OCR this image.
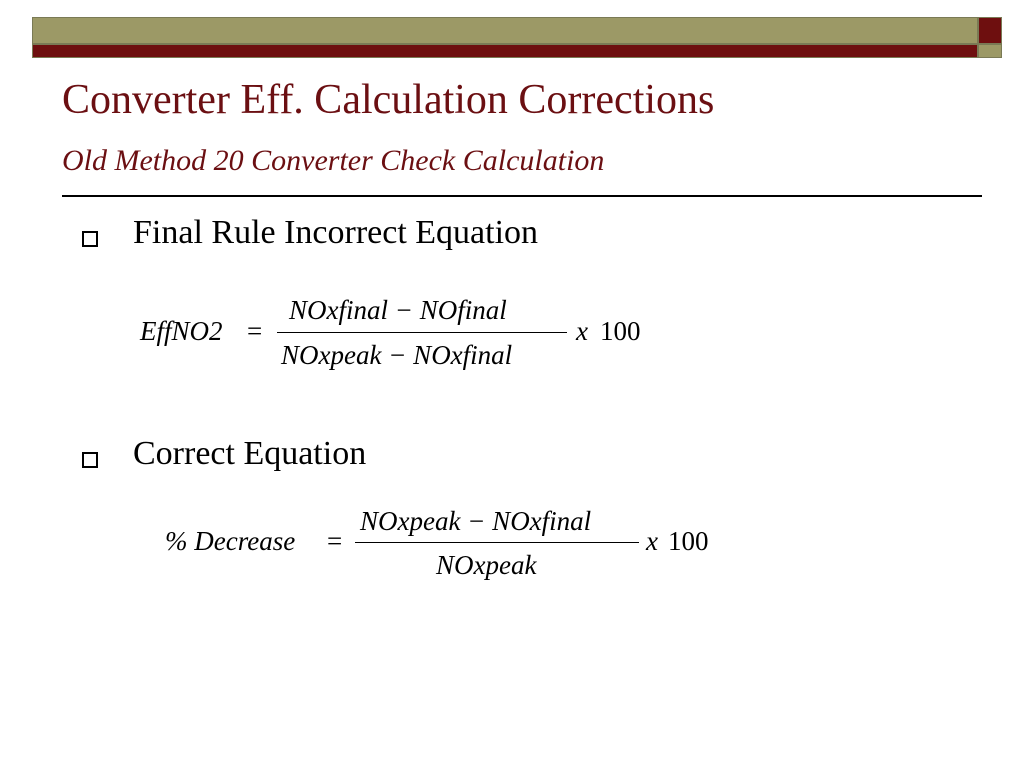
Converter Eff. Calculation Corrections
Old Method 20 Converter Check Calculation
Final Rule Incorrect Equation
EffNO2 =
NOxfinal − NOfinal
NOxpeak − NOxfinal
x 100
Correct Equation
% Decrease =
NOxpeak − NOxfinal
NOxpeak
x 100
